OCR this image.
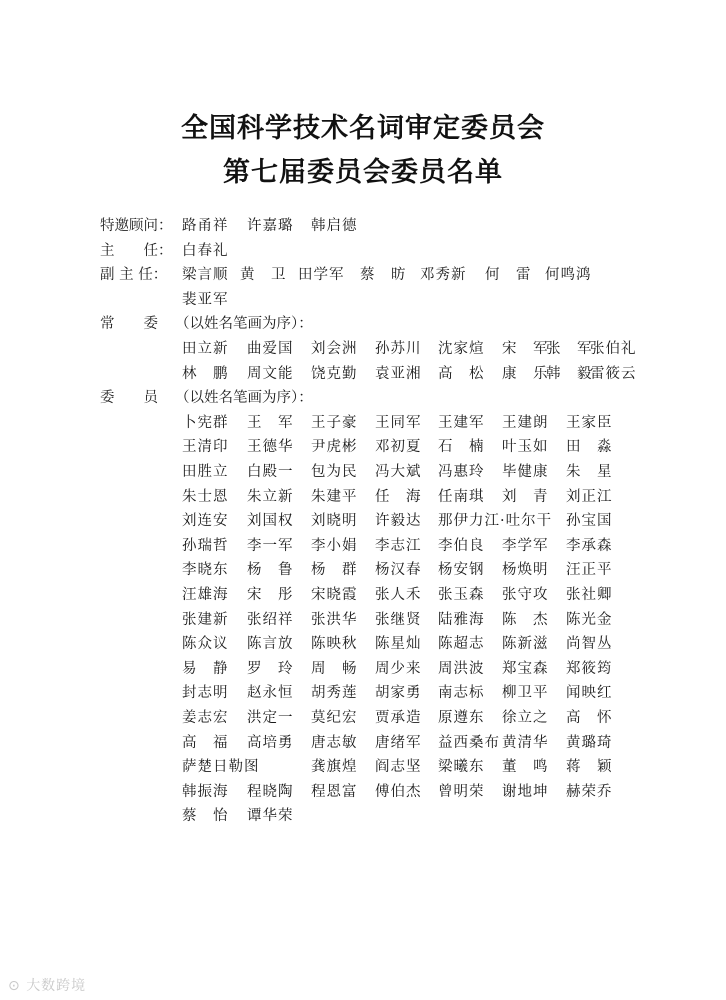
全国科学技术名词审定委员会
第七届委员会委员名单
特邀顾问： 路甬祥 许嘉璐 韩启德
主　　任： 白春礼
副 主 任： 梁言顺 黄　卫 田学军 蔡　昉 邓秀新 何　雷 何鸣鸿
裴亚军
常　　委 （以姓名笔画为序）：
田立新 曲爱国 刘会洲 孙苏川 沈家煊 宋　军
张　军
张伯礼
林　鹏 周文能 饶克勤 袁亚湘 高　松 康　乐
韩　毅
雷筱云
委　　员 （以姓名笔画为序）：
卜宪群 王　军 王子豪 王同军 王建军 王建朗 王家臣
王清印 王德华 尹虎彬 邓初夏 石　楠 叶玉如 田　淼
田胜立 白殿一 包为民 冯大斌 冯惠玲 毕健康 朱　星
朱士恩 朱立新 朱建平 任　海 任南琪 刘　青 刘正江
刘连安 刘国权 刘晓明 许毅达 那伊力江·吐尔干 孙宝国
孙瑞哲 李一军 李小娟 李志江 李伯良 李学军 李承森
李晓东 杨　鲁 杨　群 杨汉春 杨安钢 杨焕明 汪正平
汪雄海 宋　彤 宋晓霞 张人禾 张玉森 张守攻 张社卿
张建新 张绍祥 张洪华 张继贤 陆雅海 陈　杰 陈光金
陈众议 陈言放 陈映秋 陈星灿 陈超志 陈新滋 尚智丛
易　静 罗　玲 周　畅 周少来 周洪波 郑宝森 郑筱筠
封志明 赵永恒 胡秀莲 胡家勇 南志标 柳卫平 闻映红
姜志宏 洪定一 莫纪宏 贾承造 原遵东 徐立之 高　怀
高　福 高培勇 唐志敏 唐绪军 益西桑布 黄清华 黄璐琦
萨楚日勒图	龚旗煌 阎志坚 梁曦东 董　鸣 蒋　颖
韩振海 程晓陶 程恩富 傅伯杰 曾明荣 谢地坤 赫荣乔
蔡　怡 谭华荣
⊙ 大数跨境
